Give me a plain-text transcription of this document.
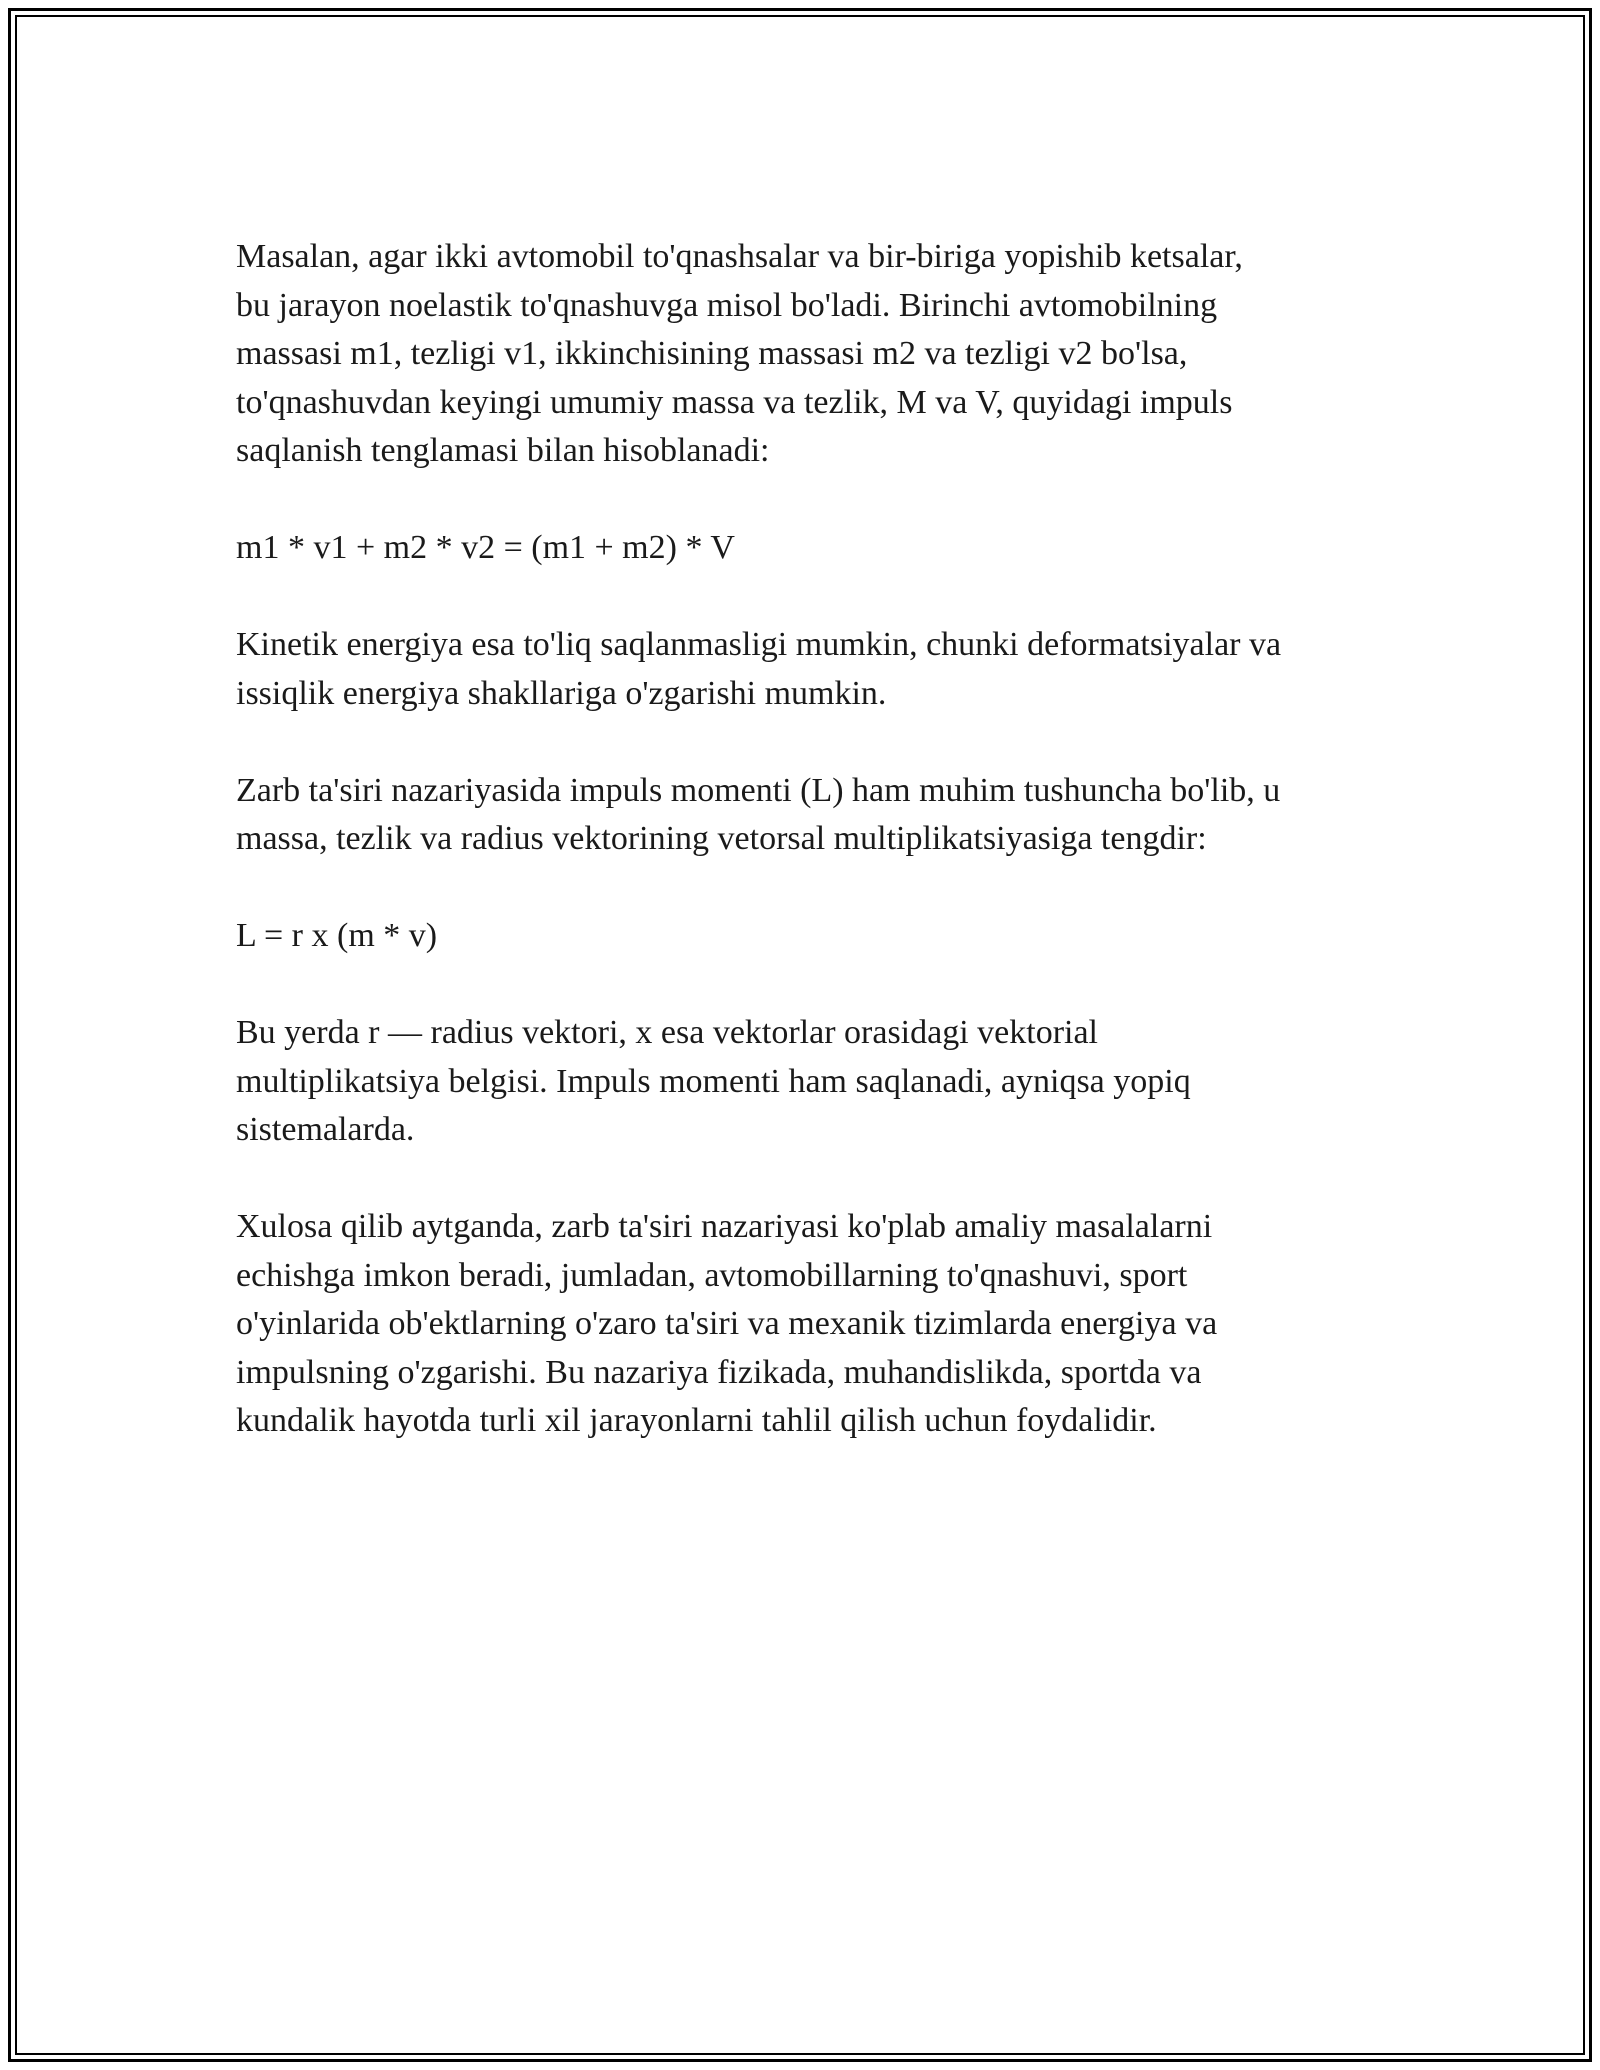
Masalan, agar ikki avtomobil to'qnashsalar va bir-biriga yopishib ketsalar,
bu jarayon noelastik to'qnashuvga misol bo'ladi. Birinchi avtomobilning
massasi m1, tezligi v1, ikkinchisining massasi m2 va tezligi v2 bo'lsa,
to'qnashuvdan keyingi umumiy massa va tezlik, M va V, quyidagi impuls
saqlanish tenglamasi bilan hisoblanadi:

m1 * v1 + m2 * v2 = (m1 + m2) * V

Kinetik energiya esa to'liq saqlanmasligi mumkin, chunki deformatsiyalar va
issiqlik energiya shakllariga o'zgarishi mumkin.

Zarb ta'siri nazariyasida impuls momenti (L) ham muhim tushuncha bo'lib, u
massa, tezlik va radius vektorining vetorsal multiplikatsiyasiga tengdir:

L = r x (m * v)

Bu yerda r — radius vektori, x esa vektorlar orasidagi vektorial
multiplikatsiya belgisi. Impuls momenti ham saqlanadi, ayniqsa yopiq
sistemalarda.

Xulosa qilib aytganda, zarb ta'siri nazariyasi ko'plab amaliy masalalarni
echishga imkon beradi, jumladan, avtomobillarning to'qnashuvi, sport
o'yinlarida ob'ektlarning o'zaro ta'siri va mexanik tizimlarda energiya va
impulsning o'zgarishi. Bu nazariya fizikada, muhandislikda, sportda va
kundalik hayotda turli xil jarayonlarni tahlil qilish uchun foydalidir.
